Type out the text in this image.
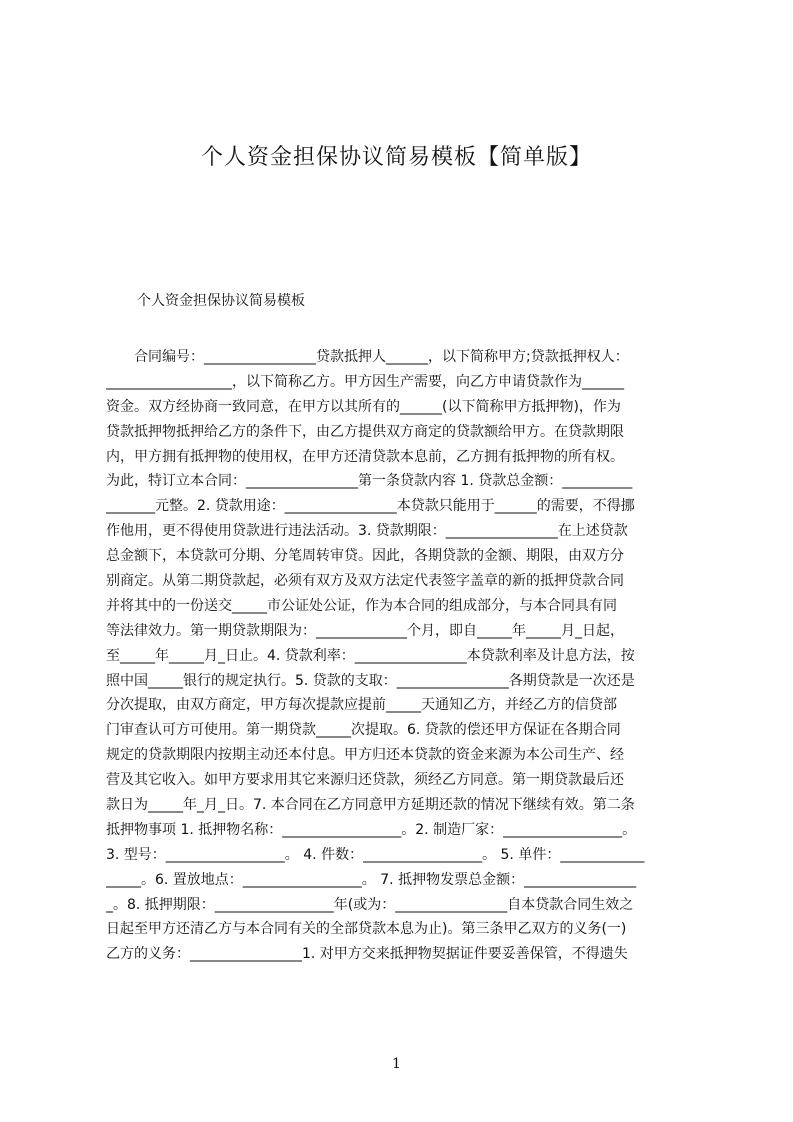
个人资金担保协议简易模板【简单版】
个人资金担保协议简易模板
　　合同编号：________________贷款抵押人______，以下简称甲方;贷款抵押权人：
__________________，以下简称乙方。甲方因生产需要，向乙方申请贷款作为______
资金。双方经协商一致同意，在甲方以其所有的______(以下简称甲方抵押物)，作为
贷款抵押物抵押给乙方的条件下，由乙方提供双方商定的贷款额给甲方。在贷款期限
内，甲方拥有抵押物的使用权，在甲方还清贷款本息前，乙方拥有抵押物的所有权。
为此，特订立本合同：________________第一条贷款内容 1. 贷款总金额：__________
_______元整。2. 贷款用途：________________本贷款只能用于______的需要，不得挪
作他用，更不得使用贷款进行违法活动。3. 贷款期限：________________在上述贷款
总金额下，本贷款可分期、分笔周转审贷。因此，各期贷款的金额、期限，由双方分
别商定。从第二期贷款起，必须有双方及双方法定代表签字盖章的新的抵押贷款合同
并将其中的一份送交_____市公证处公证，作为本合同的组成部分，与本合同具有同
等法律效力。第一期贷款期限为：_____________个月，即自_____年_____月_日起，
至_____年_____月_日止。4. 贷款利率：________________本贷款利率及计息方法，按
照中国_____银行的规定执行。5. 贷款的支取：________________各期贷款是一次还是
分次提取，由双方商定，甲方每次提款应提前_____天通知乙方，并经乙方的信贷部
门审查认可方可使用。第一期贷款_____次提取。6. 贷款的偿还甲方保证在各期合同
规定的贷款期限内按期主动还本付息。甲方归还本贷款的资金来源为本公司生产、经
营及其它收入。如甲方要求用其它来源归还贷款，须经乙方同意。第一期贷款最后还
款日为_____年_月_日。7. 本合同在乙方同意甲方延期还款的情况下继续有效。第二条
抵押物事项 1. 抵押物名称：_________________。2. 制造厂家：_________________。
3. 型号：_________________。 4. 件数：_________________。 5. 单件：____________
_____。6. 置放地点：_________________。 7. 抵押物发票总金额：________________
_。8. 抵押期限：_________________年(或为：________________自本贷款合同生效之
日起至甲方还清乙方与本合同有关的全部贷款本息为止)。第三条甲乙双方的义务(一)
乙方的义务：________________1. 对甲方交来抵押物契据证件要妥善保管，不得遗失
1
